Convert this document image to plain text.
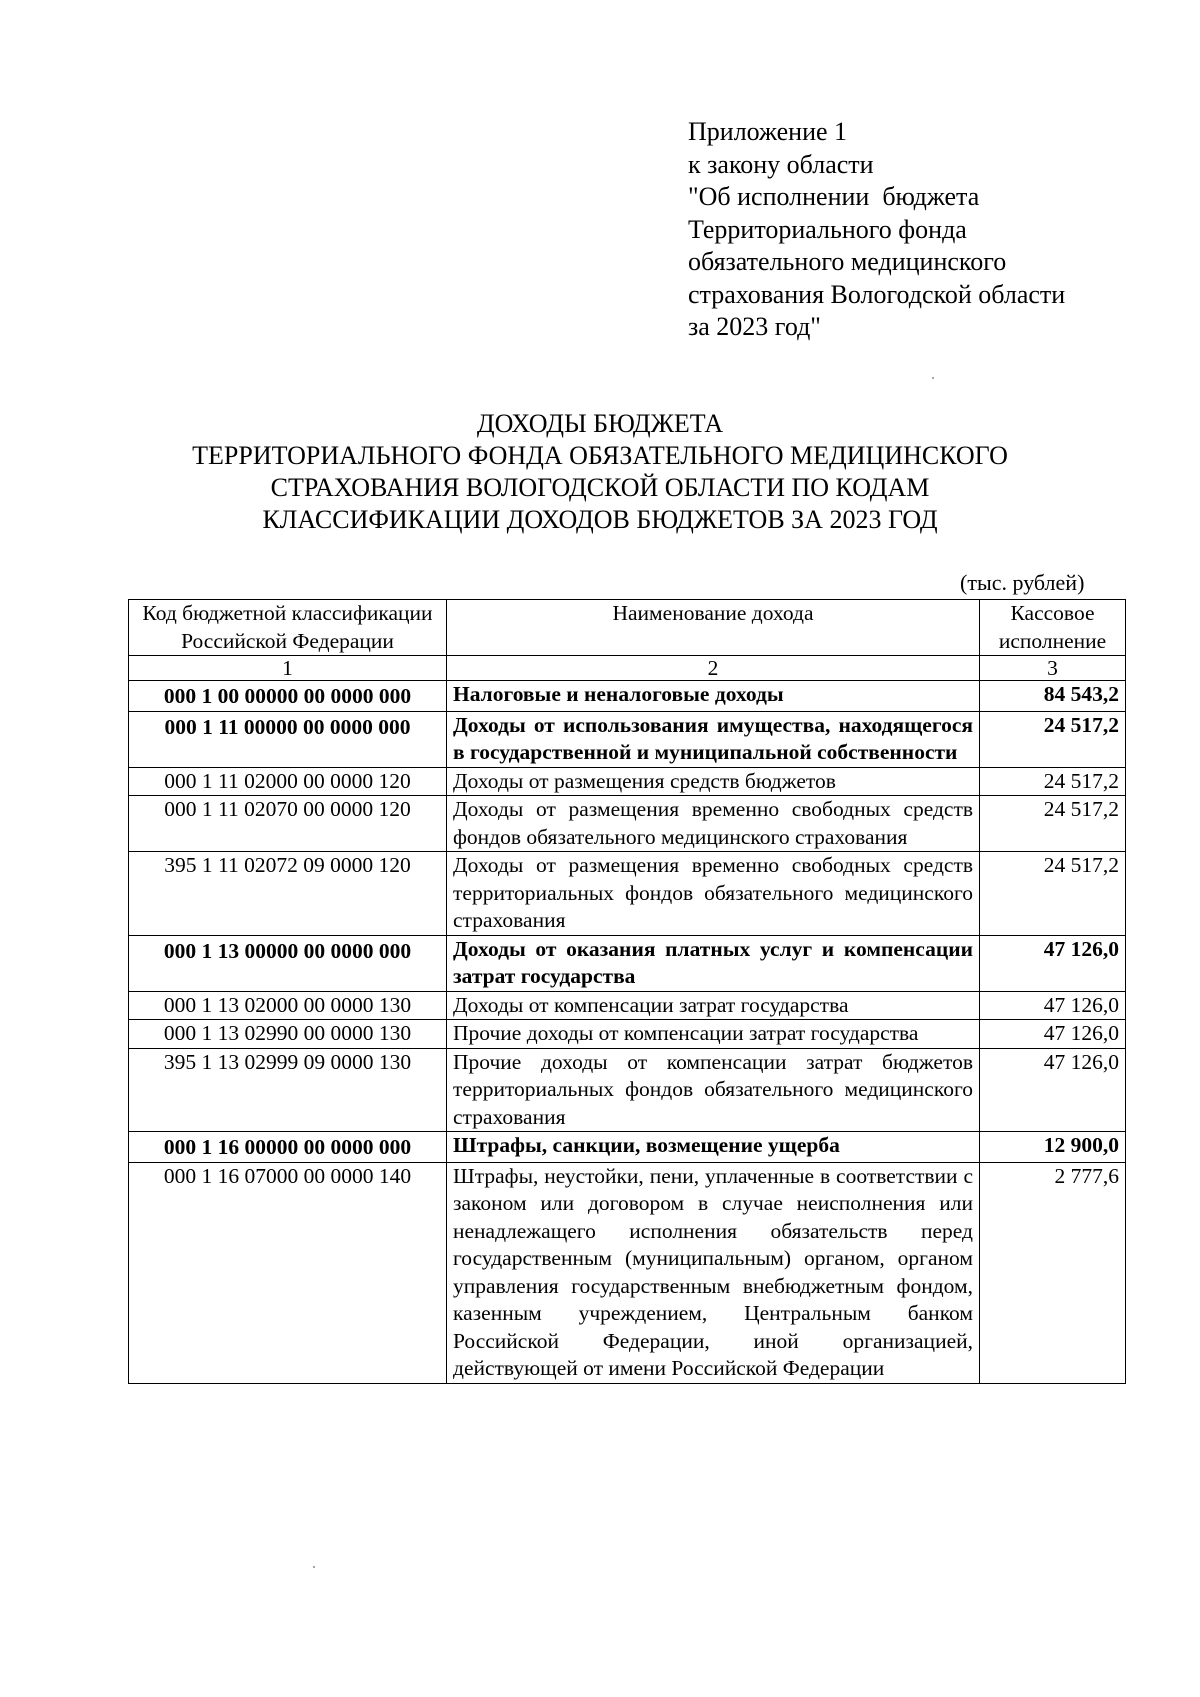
Приложение 1
к закону области
"Об исполнении  бюджета
Территориального фонда
обязательного медицинского
страхования Вологодской области
за 2023 год"
ДОХОДЫ БЮДЖЕТА
ТЕРРИТОРИАЛЬНОГО ФОНДА ОБЯЗАТЕЛЬНОГО МЕДИЦИНСКОГО
СТРАХОВАНИЯ ВОЛОГОДСКОЙ ОБЛАСТИ ПО КОДАМ
КЛАССИФИКАЦИИ ДОХОДОВ БЮДЖЕТОВ ЗА 2023 ГОД
(тыс. рублей)
Код бюджетной классификации Российской Федерации	Наименование дохода	Кассовое исполнение
1	2	3
000 1 00 00000 00 0000 000	Налоговые и неналоговые доходы	84 543,2
000 1 11 00000 00 0000 000	Доходы от использования имущества, находящегося в государственной и муниципальной собственности	24 517,2
000 1 11 02000 00 0000 120	Доходы от размещения средств бюджетов	24 517,2
000 1 11 02070 00 0000 120	Доходы от размещения временно свободных средств фондов обязательного медицинского страхования	24 517,2
395 1 11 02072 09 0000 120	Доходы от размещения временно свободных средств территориальных фондов обязательного медицинского страхования	24 517,2
000 1 13 00000 00 0000 000	Доходы от оказания платных услуг и компенсации затрат государства	47 126,0
000 1 13 02000 00 0000 130	Доходы от компенсации затрат государства	47 126,0
000 1 13 02990 00 0000 130	Прочие доходы от компенсации затрат государства	47 126,0
395 1 13 02999 09 0000 130	Прочие доходы от компенсации затрат бюджетов территориальных фондов обязательного медицинского страхования	47 126,0
000 1 16 00000 00 0000 000	Штрафы, санкции, возмещение ущерба	12 900,0
000 1 16 07000 00 0000 140	Штрафы, неустойки, пени, уплаченные в соответствии с законом или договором в случае неисполнения или ненадлежащего исполнения обязательств перед государственным (муниципальным) органом, органом управления государственным внебюджетным фондом, казенным учреждением, Центральным банком Российской Федерации, иной организацией, действующей от имени Российской Федерации	2 777,6
